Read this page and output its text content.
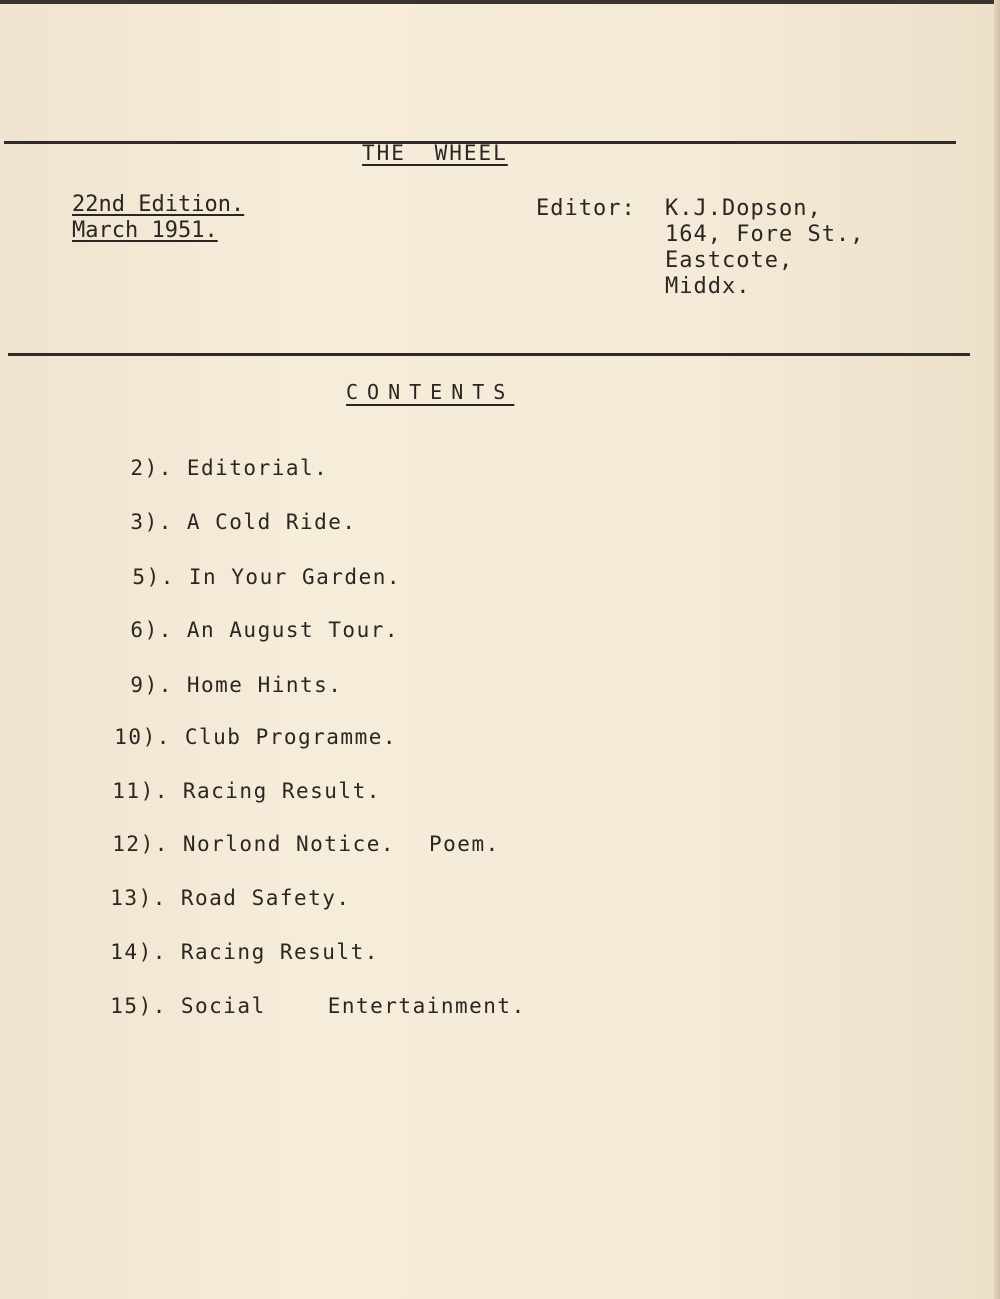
THE WHEEL
22nd Edition.
March 1951.
Editor: K.J.Dopson,
164, Fore St.,
Eastcote,
Middx.
CONTENTS

2). Editorial.

3). A Cold Ride.

5). In Your Garden.

6). An August Tour.

9). Home Hints.

10). Club Programme.

11). Racing Result.

12). Norlond Notice. Poem.

13). Road Safety.

14). Racing Result.

15). Social	Entertainment.
